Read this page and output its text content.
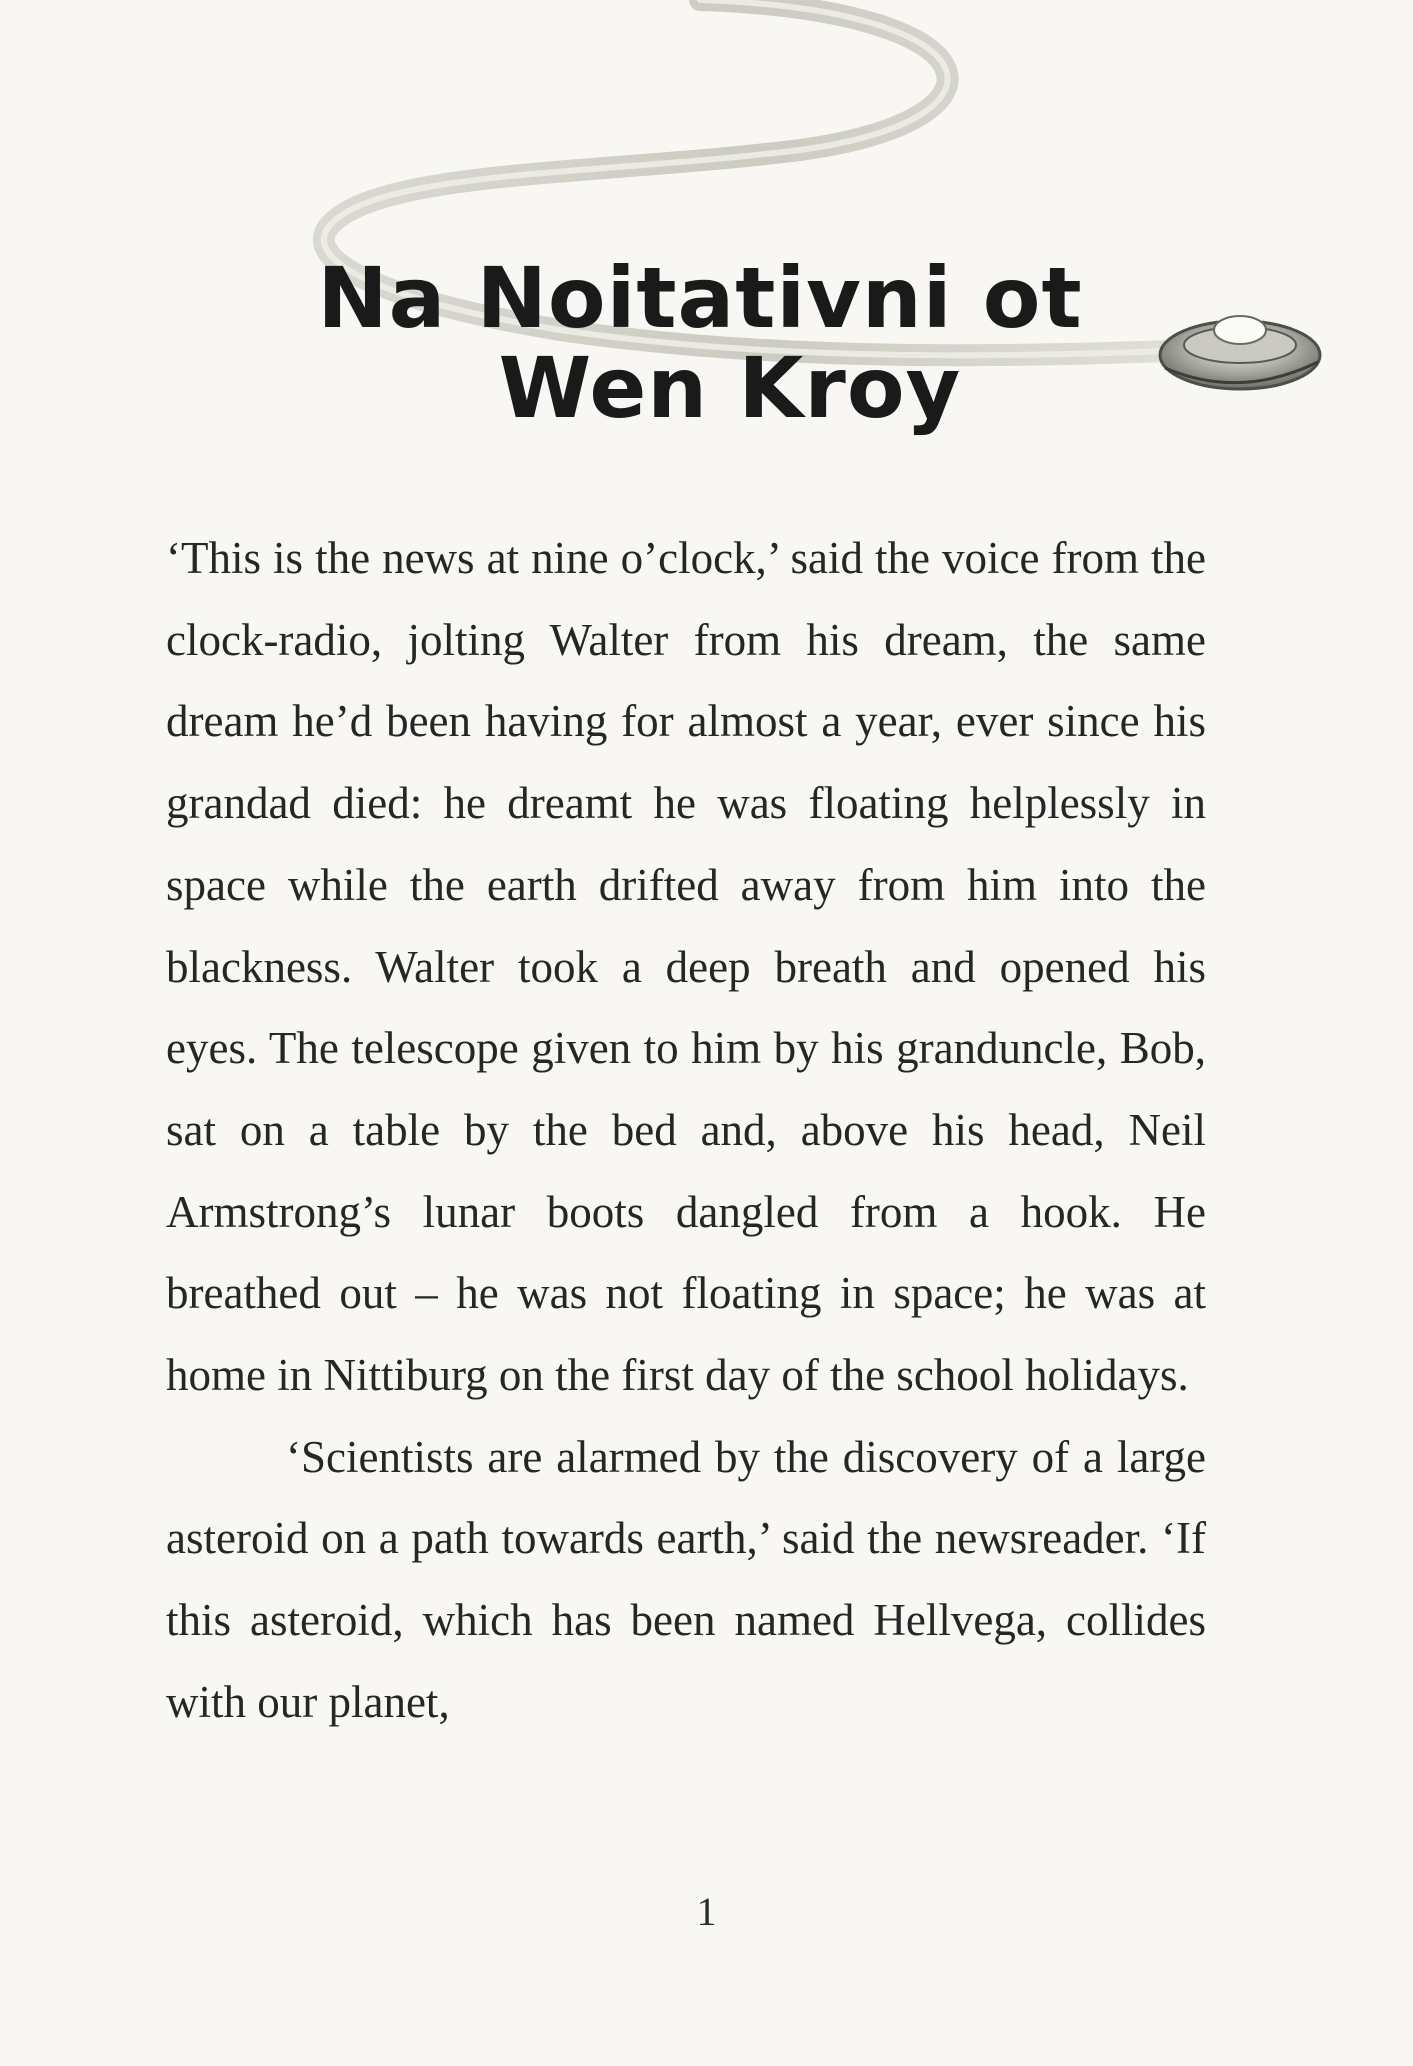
Na Noitativni ot
Wen Kroy

‘This is the news at nine o’clock,’ said the voice from the clock-radio, jolting Walter from his dream, the same dream he’d been having for almost a year, ever since his grandad died: he dreamt he was floating helplessly in space while the earth drifted away from him into the blackness. Walter took a deep breath and opened his eyes. The telescope given to him by his granduncle, Bob, sat on a table by the bed and, above his head, Neil Armstrong’s lunar boots dangled from a hook. He breathed out – he was not floating in space; he was at home in Nittiburg on the first day of the school holidays.

‘Scientists are alarmed by the discovery of a large asteroid on a path towards earth,’ said the newsreader. ‘If this asteroid, which has been named Hellvega, collides with our planet,

1
